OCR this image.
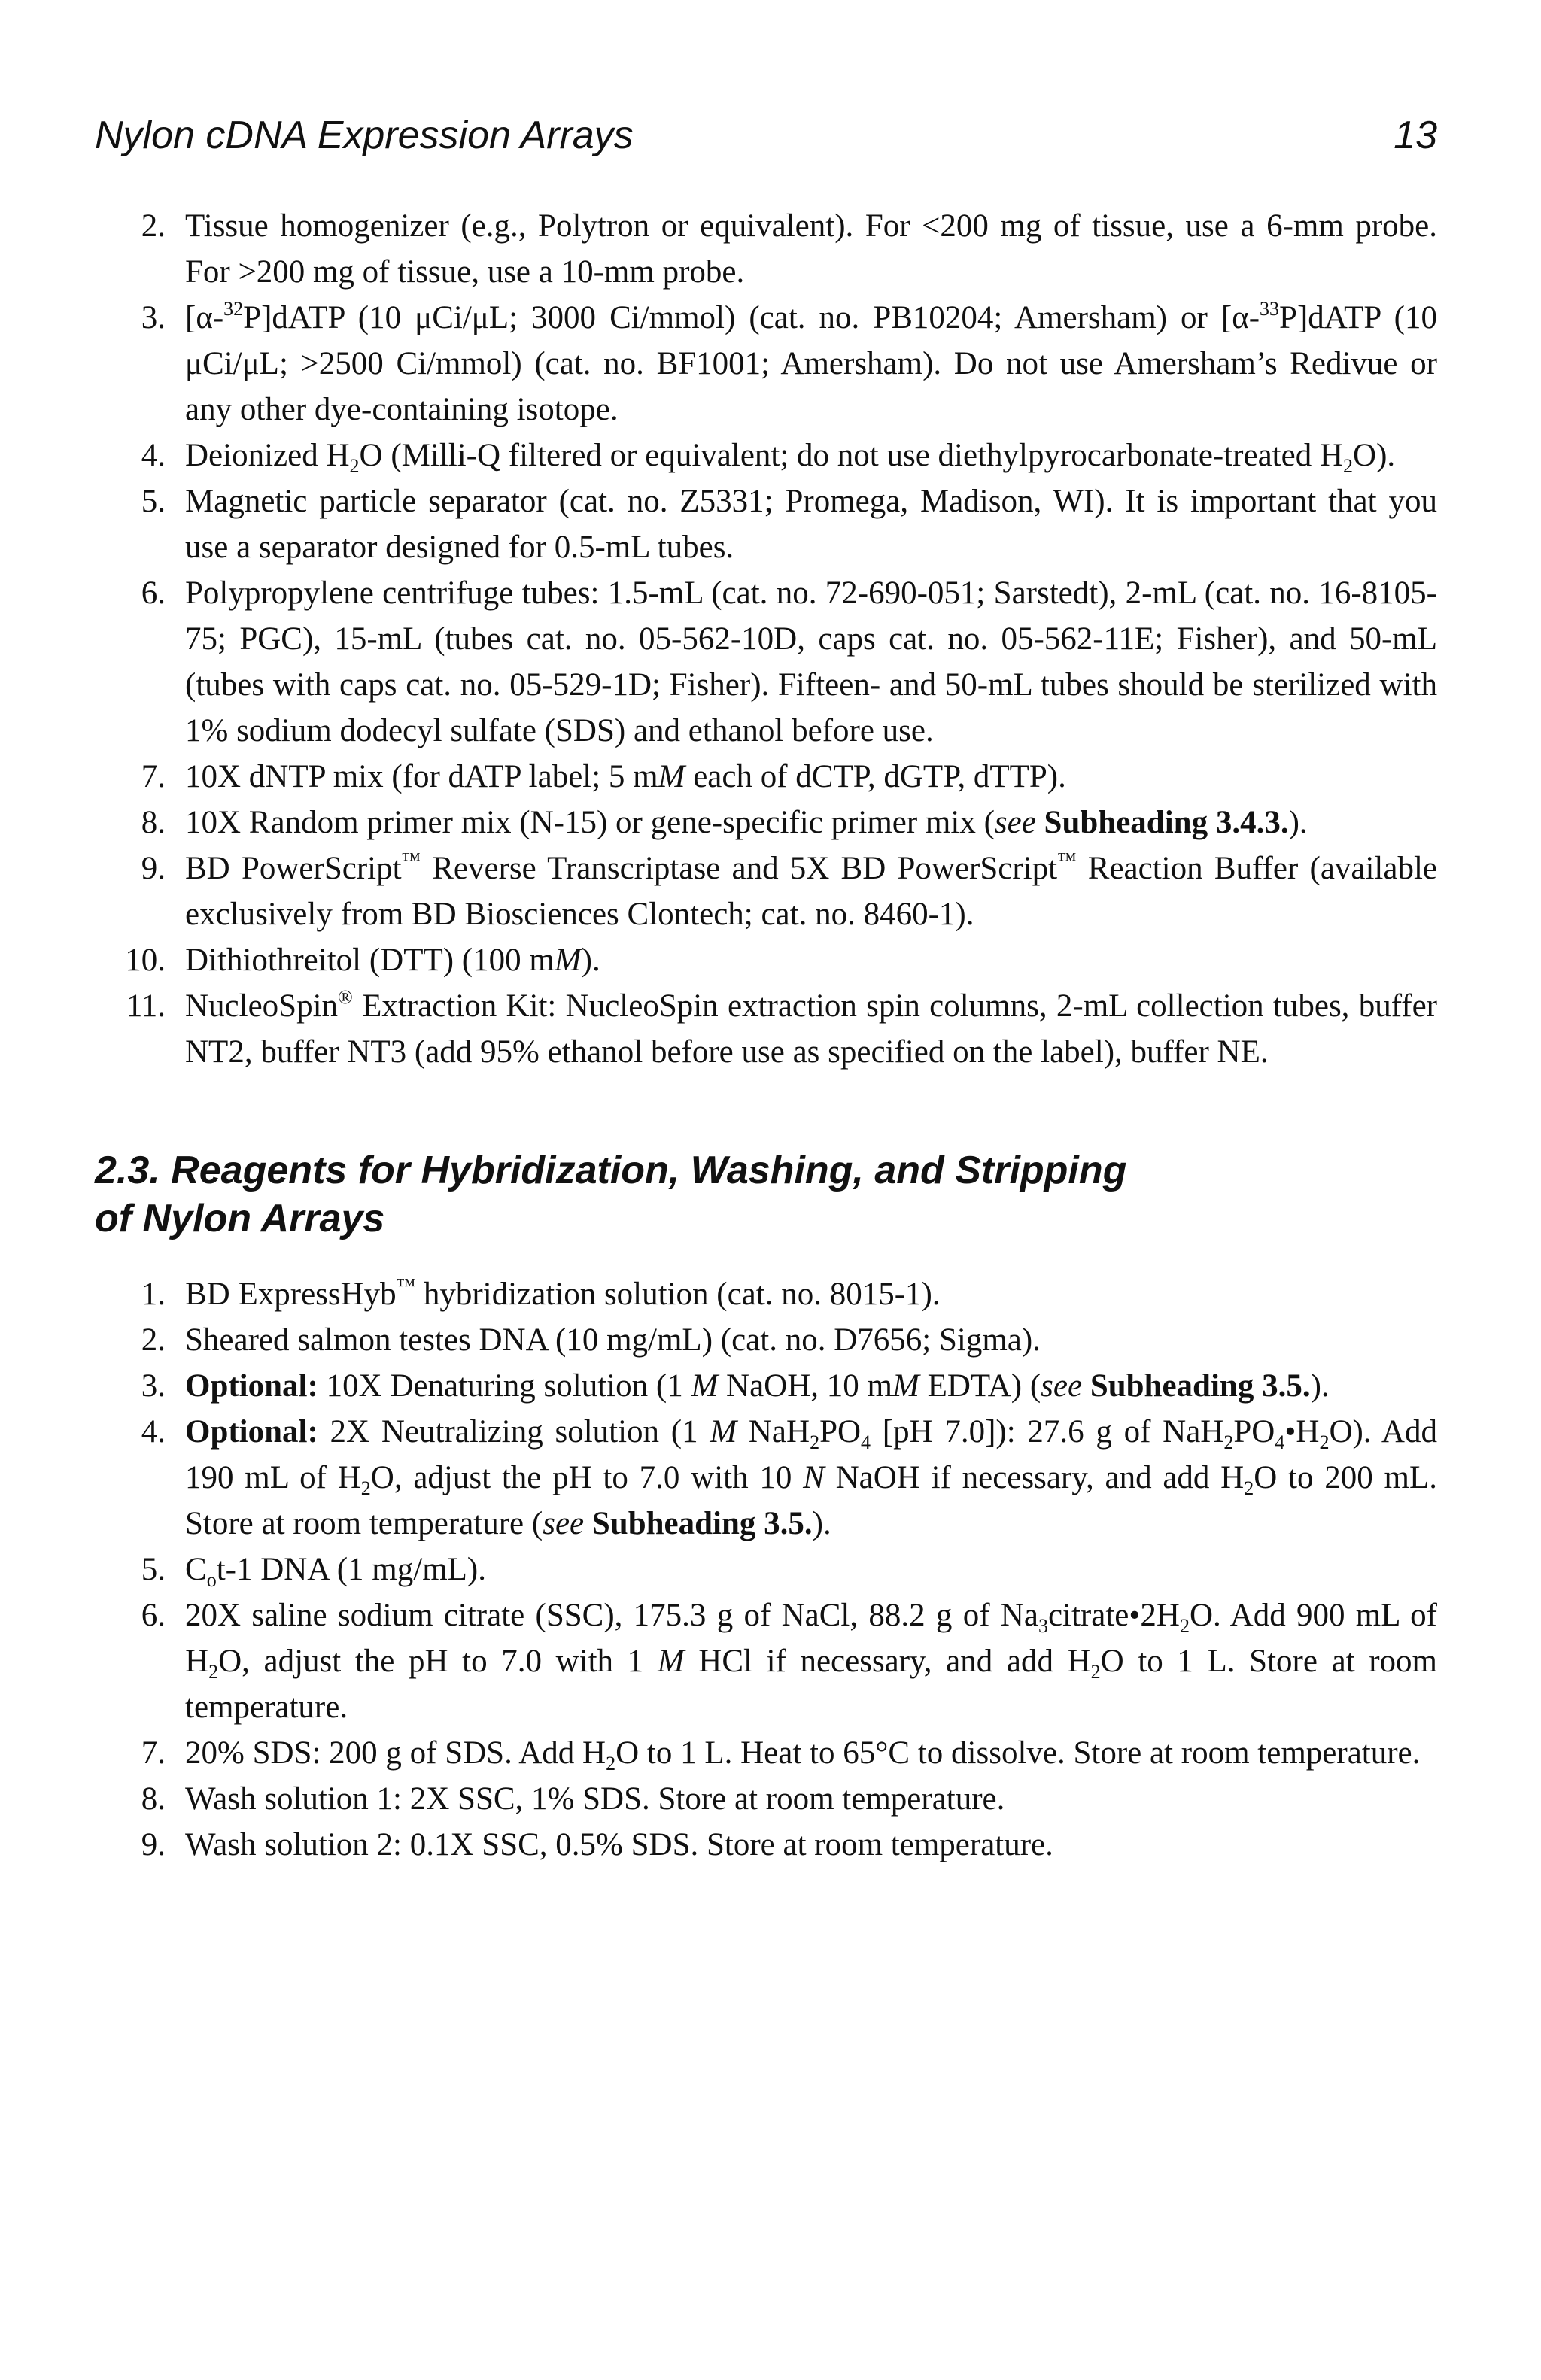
Nylon cDNA Expression Arrays	13
2. Tissue homogenizer (e.g., Polytron or equivalent). For <200 mg of tissue, use a 6-mm probe. For >200 mg of tissue, use a 10-mm probe.
3. [α-$^{32}$P]dATP (10 μCi/μL; 3000 Ci/mmol) (cat. no. PB10204; Amersham) or [α-$^{33}$P]dATP (10 μCi/μL; >2500 Ci/mmol) (cat. no. BF1001; Amersham). Do not use Amersham’s Redivue or any other dye-containing isotope.
4. Deionized $H_2O$ (Milli-Q filtered or equivalent; do not use diethylpyrocarbonate-treated $H_2O$).
5. Magnetic particle separator (cat. no. Z5331; Promega, Madison, WI). It is important that you use a separator designed for 0.5-mL tubes.
6. Polypropylene centrifuge tubes: 1.5-mL (cat. no. 72-690-051; Sarstedt), 2-mL (cat. no. 16-8105-75; PGC), 15-mL (tubes cat. no. 05-562-10D, caps cat. no. 05-562-11E; Fisher), and 50-mL (tubes with caps cat. no. 05-529-1D; Fisher). Fifteen- and 50-mL tubes should be sterilized with 1% sodium dodecyl sulfate (SDS) and ethanol before use.
7. 10X dNTP mix (for dATP label; 5 mM each of dCTP, dGTP, dTTP).
8. 10X Random primer mix (N-15) or gene-specific primer mix (see Subheading 3.4.3.).
9. BD PowerScript™ Reverse Transcriptase and 5X BD PowerScript™ Reaction Buffer (available exclusively from BD Biosciences Clontech; cat. no. 8460-1).
10. Dithiothreitol (DTT) (100 mM).
11. NucleoSpin® Extraction Kit: NucleoSpin extraction spin columns, 2-mL collection tubes, buffer NT2, buffer NT3 (add 95% ethanol before use as specified on the label), buffer NE.
2.3. Reagents for Hybridization, Washing, and Stripping
of Nylon Arrays
1. BD ExpressHyb™ hybridization solution (cat. no. 8015-1).
2. Sheared salmon testes DNA (10 mg/mL) (cat. no. D7656; Sigma).
3. Optional: 10X Denaturing solution (1 M NaOH, 10 mM EDTA) (see Subheading 3.5.).
4. Optional: 2X Neutralizing solution (1 M $NaH_2PO_4$ [pH 7.0]): 27.6 g of $NaH_2PO_4•H_2O$). Add 190 mL of $H_2O$, adjust the pH to 7.0 with 10 N NaOH if necessary, and add $H_2O$ to 200 mL. Store at room temperature (see Subheading 3.5.).
5. $C_ot-1$ DNA (1 mg/mL).
6. 20X saline sodium citrate (SSC), 175.3 g of NaCl, 88.2 g of $Na_3citrate•2H_2O$. Add 900 mL of $H_2O$, adjust the pH to 7.0 with 1 M HCl if necessary, and add $H_2O$ to 1 L. Store at room temperature.
7. 20% SDS: 200 g of SDS. Add $H_2O$ to 1 L. Heat to 65°C to dissolve. Store at room temperature.
8. Wash solution 1: 2X SSC, 1% SDS. Store at room temperature.
9. Wash solution 2: 0.1X SSC, 0.5% SDS. Store at room temperature.
